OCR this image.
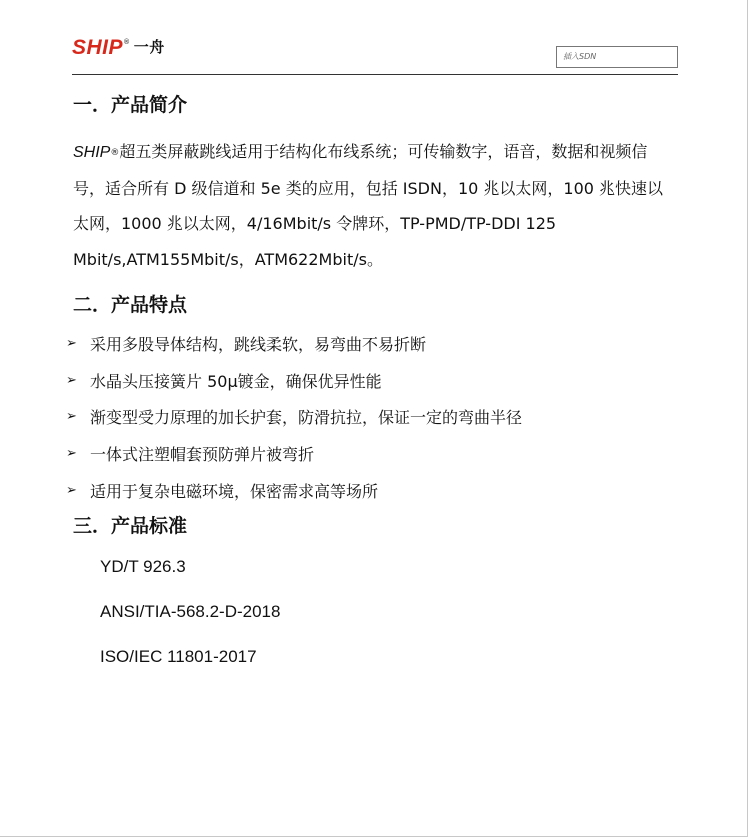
SHIP® 一舟
插入SDN
一．产品简介
SHIP®超五类屏蔽跳线适用于结构化布线系统；可传输数字，语音，数据和视频信号，适合所有 D 级信道和 5e 类的应用，包括 ISDN，10 兆以太网，100 兆快速以太网，1000 兆以太网，4/16Mbit/s 令牌环，TP-PMD/TP-DDI 125 Mbit/s,ATM155Mbit/s，ATM622Mbit/s。
二．产品特点
➢ 采用多股导体结构，跳线柔软，易弯曲不易折断
➢ 水晶头压接簧片 50μ镀金，确保优异性能
➢ 渐变型受力原理的加长护套，防滑抗拉，保证一定的弯曲半径
➢ 一体式注塑帽套预防弹片被弯折
➢ 适用于复杂电磁环境，保密需求高等场所
三．产品标准
YD/T 926.3
ANSI/TIA-568.2-D-2018
ISO/IEC 11801-2017
